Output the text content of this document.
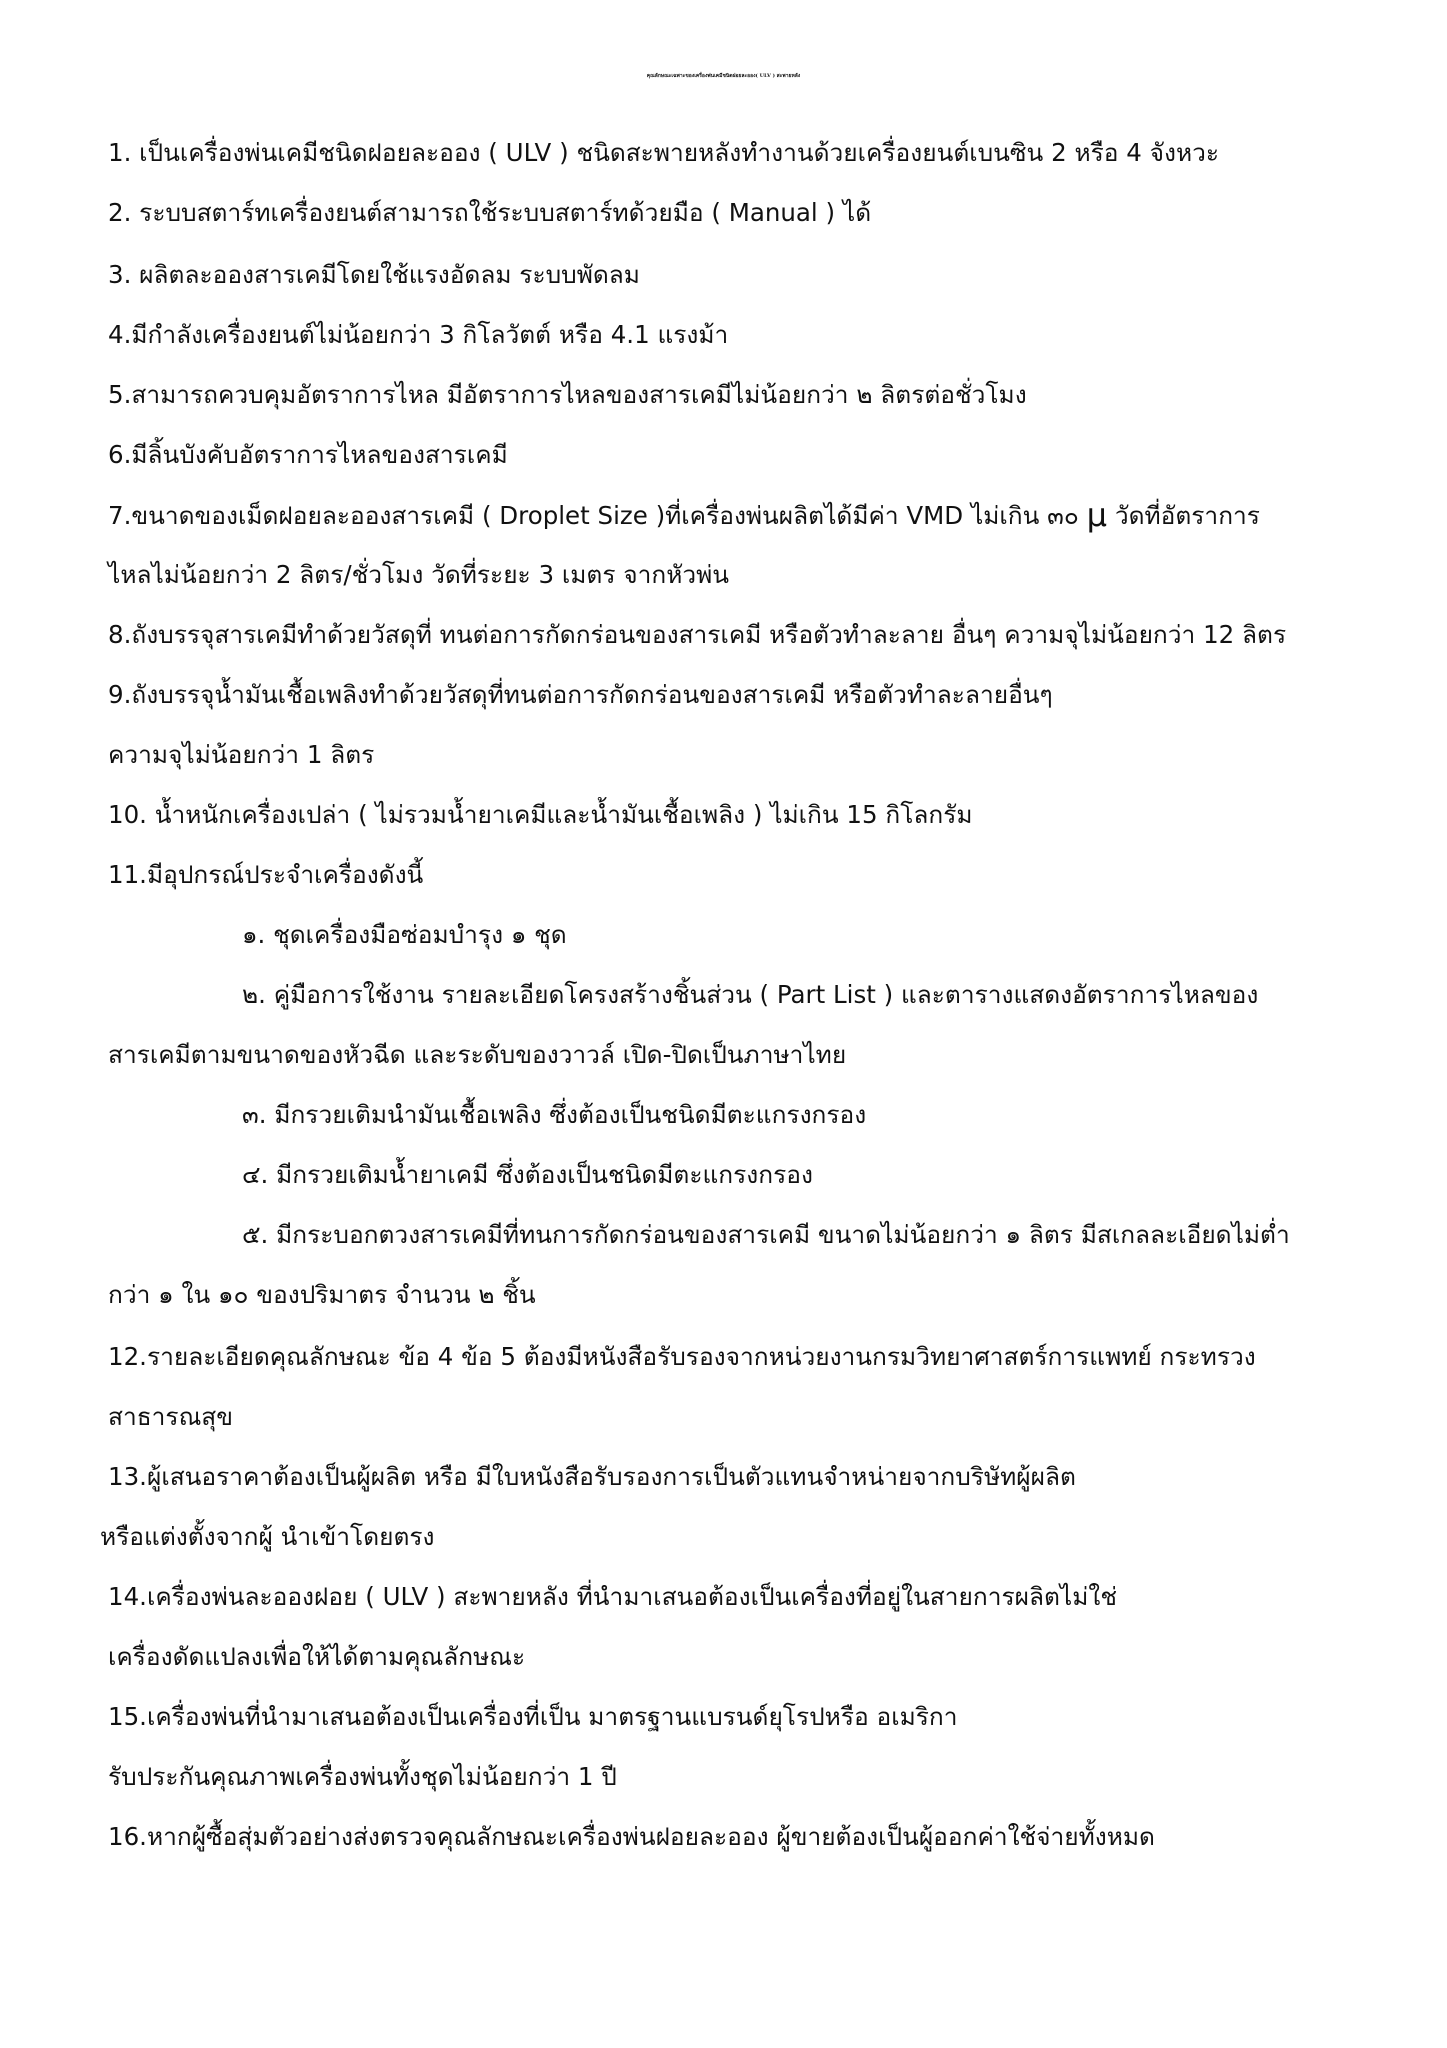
คุณลักษณะเฉพาะของเครื่องพ่นเคมีชนิดฝอยละออง( ULV ) สะพายหลัง
1. เป็นเครื่องพ่นเคมีชนิดฝอยละออง ( ULV ) ชนิดสะพายหลังทำงานด้วยเครื่องยนต์เบนซิน 2 หรือ 4 จังหวะ
2. ระบบสตาร์ทเครื่องยนต์สามารถใช้ระบบสตาร์ทด้วยมือ ( Manual ) ได้
3. ผลิตละอองสารเคมีโดยใช้แรงอัดลม ระบบพัดลม
4.มีกำลังเครื่องยนต์ไม่น้อยกว่า 3 กิโลวัตต์ หรือ 4.1 แรงม้า
5.สามารถควบคุมอัตราการไหล มีอัตราการไหลของสารเคมีไม่น้อยกว่า ๒ ลิตรต่อชั่วโมง
6.มีลิ้นบังคับอัตราการไหลของสารเคมี
7.ขนาดของเม็ดฝอยละอองสารเคมี ( Droplet Size )ที่เครื่องพ่นผลิตได้มีค่า VMD ไม่เกิน ๓๐ μ วัดที่อัตราการ
ไหลไม่น้อยกว่า 2 ลิตร/ชั่วโมง วัดที่ระยะ 3 เมตร จากหัวพ่น
8.ถังบรรจุสารเคมีทำด้วยวัสดุที่ ทนต่อการกัดกร่อนของสารเคมี หรือตัวทำละลาย อื่นๆ ความจุไม่น้อยกว่า 12 ลิตร
9.ถังบรรจุน้ำมันเชื้อเพลิงทำด้วยวัสดุที่ทนต่อการกัดกร่อนของสารเคมี หรือตัวทำละลายอื่นๆ
ความจุไม่น้อยกว่า 1 ลิตร
10. น้ำหนักเครื่องเปล่า ( ไม่รวมน้ำยาเคมีและน้ำมันเชื้อเพลิง ) ไม่เกิน 15 กิโลกรัม
11.มีอุปกรณ์ประจำเครื่องดังนี้
๑. ชุดเครื่องมือซ่อมบำรุง ๑ ชุด
๒. คู่มือการใช้งาน รายละเอียดโครงสร้างชิ้นส่วน ( Part List ) และตารางแสดงอัตราการไหลของ
สารเคมีตามขนาดของหัวฉีด และระดับของวาวล์ เปิด-ปิดเป็นภาษาไทย
๓. มีกรวยเติมนำมันเชื้อเพลิง ซึ่งต้องเป็นชนิดมีตะแกรงกรอง
๔. มีกรวยเติมน้ำยาเคมี ซึ่งต้องเป็นชนิดมีตะแกรงกรอง
๕. มีกระบอกตวงสารเคมีที่ทนการกัดกร่อนของสารเคมี ขนาดไม่น้อยกว่า ๑ ลิตร มีสเกลละเอียดไม่ต่ำ
กว่า ๑ ใน ๑๐ ของปริมาตร จำนวน ๒ ชิ้น
12.รายละเอียดคุณลักษณะ ข้อ 4 ข้อ 5 ต้องมีหนังสือรับรองจากหน่วยงานกรมวิทยาศาสตร์การแพทย์ กระทรวง
สาธารณสุข
13.ผู้เสนอราคาต้องเป็นผู้ผลิต หรือ มีใบหนังสือรับรองการเป็นตัวแทนจำหน่ายจากบริษัทผู้ผลิต
หรือแต่งตั้งจากผู้ นำเข้าโดยตรง
14.เครื่องพ่นละอองฝอย ( ULV ) สะพายหลัง ที่นำมาเสนอต้องเป็นเครื่องที่อยู่ในสายการผลิตไม่ใช่
เครื่องดัดแปลงเพื่อให้ได้ตามคุณลักษณะ
15.เครื่องพ่นที่นำมาเสนอต้องเป็นเครื่องที่เป็น มาตรฐานแบรนด์ยุโรปหรือ อเมริกา
รับประกันคุณภาพเครื่องพ่นทั้งชุดไม่น้อยกว่า 1 ปี
16.หากผู้ซื้อสุ่มตัวอย่างส่งตรวจคุณลักษณะเครื่องพ่นฝอยละออง ผู้ขายต้องเป็นผู้ออกค่าใช้จ่ายทั้งหมด
